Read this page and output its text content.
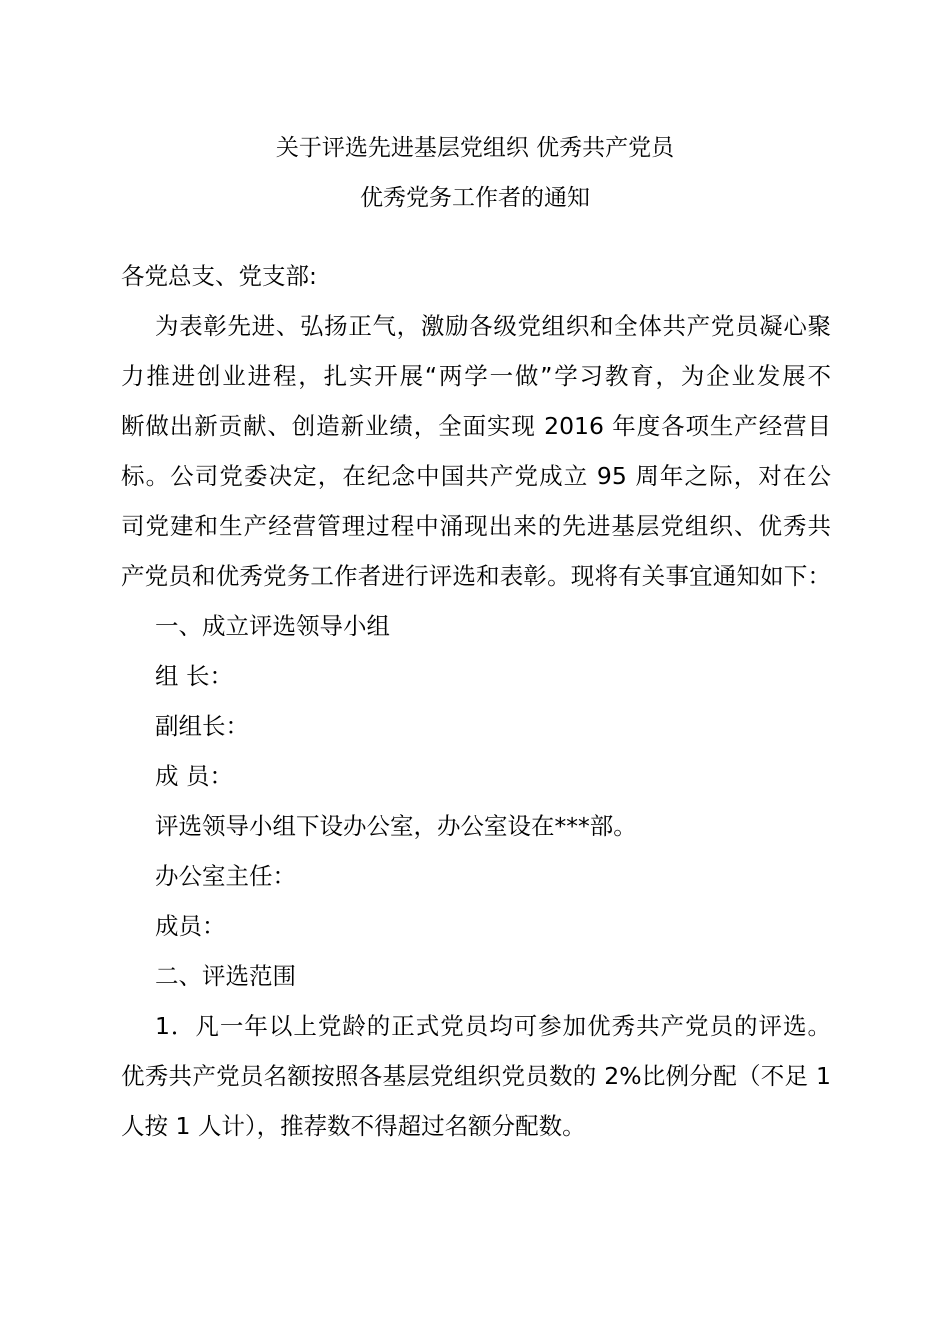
关于评选先进基层党组织 优秀共产党员
优秀党务工作者的通知
各党总支、党支部:
为表彰先进、弘扬正气，激励各级党组织和全体共产党员凝心聚
力推进创业进程，扎实开展“两学一做”学习教育，为企业发展不
断做出新贡献、创造新业绩，全面实现 2016 年度各项生产经营目
标。公司党委决定，在纪念中国共产党成立 95 周年之际，对在公
司党建和生产经营管理过程中涌现出来的先进基层党组织、优秀共
产党员和优秀党务工作者进行评选和表彰。现将有关事宜通知如下：
一、成立评选领导小组
组 长：
副组长：
成 员：
评选领导小组下设办公室，办公室设在***部。
办公室主任：
成员：
二、评选范围
1．凡一年以上党龄的正式党员均可参加优秀共产党员的评选。
优秀共产党员名额按照各基层党组织党员数的 2%比例分配（不足 1
人按 1 人计），推荐数不得超过名额分配数。
